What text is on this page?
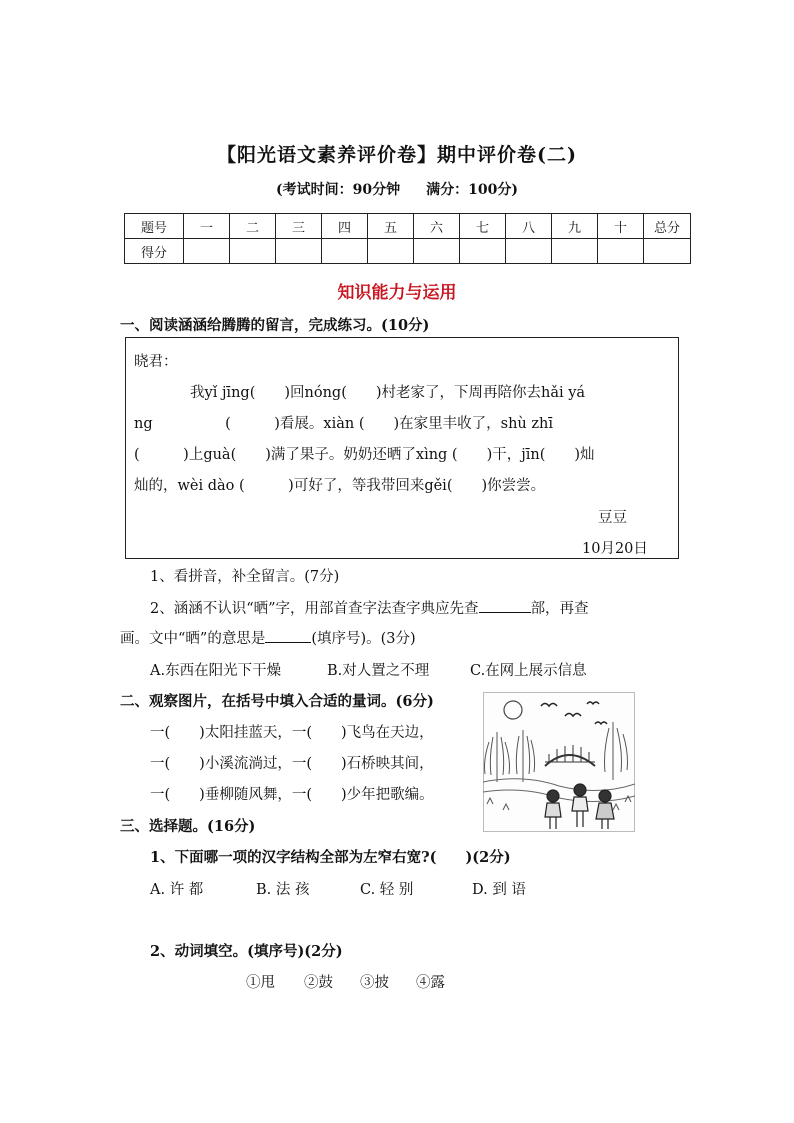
【阳光语文素养评价卷】期中评价卷(二)
(考试时间：90分钟 满分：100分)
题号	一	二	三	四	五	六	七	八	九	十	总分
得分											
知识能力与运用
一、阅读涵涵给腾腾的留言，完成练习。(10分)
晓君：
我yǐ jīng(　　)回nóng(　　)村老家了，下周再陪你去hǎi yá
ng　　　　　(　　　)看展。xiàn (　　)在家里丰收了，shù zhī
(　　　)上guà(　　)满了果子。奶奶还晒了xìng (　　)干，jīn(　　)灿
灿的，wèi dào (　　　)可好了，等我带回来gěi(　　)你尝尝。
豆豆
10月20日
1、看拼音，补全留言。(7分)
2、涵涵不认识“晒”字，用部首查字法查字典应先查	部，再查
画。文中“晒”的意思是	(填序号)。(3分)
A.东西在阳光下干燥	B.对人置之不理	C.在网上展示信息
二、观察图片，在括号中填入合适的量词。(6分)
一(　　)太阳挂蓝天，一(　　)飞鸟在天边，
一(　　)小溪流淌过，一(　　)石桥映其间，
一(　　)垂柳随风舞，一(　　)少年把歌编。
三、选择题。(16分)
1、下面哪一项的汉字结构全部为左窄右宽?(　　)(2分)
A. 许 都	B. 法 孩	C. 轻 别	D. 到 语
2、动词填空。(填序号)(2分)
①甩 ②鼓 ③披 ④露
